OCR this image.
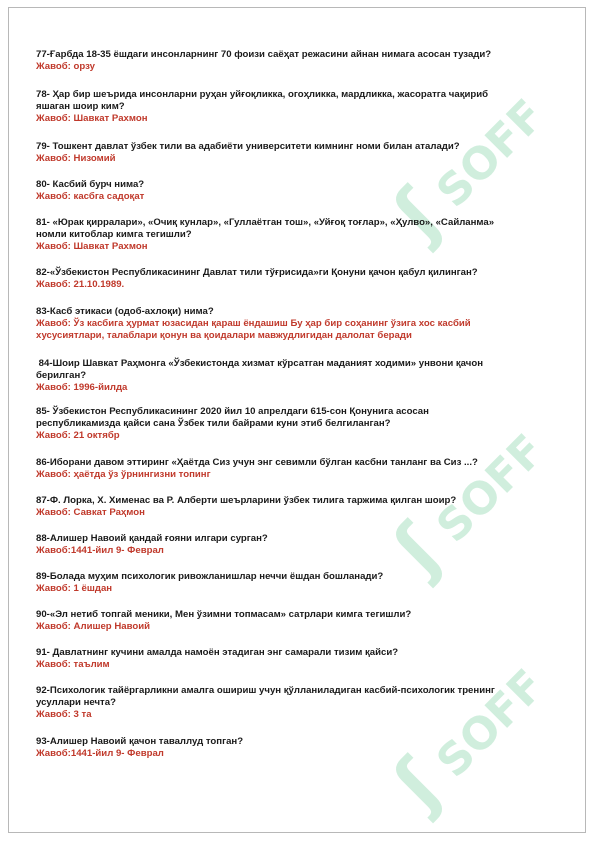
ʃ SOFF
ʃ SOFF
ʃ SOFF

77-Ғарбда 18-35 ёшдаги инсонларнинг 70 фоизи саёҳат режасини айнан нимага асосан тузади?

Жавоб: орзу

78- Ҳар бир шеърида инсонларни руҳан уйғоқликка, огоҳликка, мардликка, жасоратга чақириб
яшаган шоир ким?

Жавоб: Шавкат Рахмон

79- Тошкент давлат ўзбек тили ва адабиёти университети кимнинг номи билан аталади?

Жавоб: Низомий

80- Касбий бурч нима?

Жавоб: касбга садоқат

81- «Юрак қирралари», «Очиқ кунлар», «Гуллаётган тош», «Уйғоқ тоғлар», «Ҳулво», «Сайланма»
номли китоблар кимга тегишли?

Жавоб: Шавкат Рахмон

82-«Ўзбекистон Республикасининг Давлат тили тўғрисида»ги Қонуни қачон қабул қилинган?

Жавоб: 21.10.1989.

83-Касб этикаси (одоб-ахлоқи) нима?

Жавоб: Ўз касбига ҳурмат юзасидан қараш ёндашиш Бу ҳар бир соҳанинг ўзига хос касбий
хусусиятлари, талаблари қонун ва қоидалари мавжудлигидан далолат беради

84-Шоир Шавкат Раҳмонга «Ўзбекистонда хизмат кўрсатган маданият ходими» унвони қачон
берилган?

Жавоб: 1996-йилда

85- Ўзбекистон Республикасининг 2020 йил 10 апрелдаги 615-сон Қонунига асосан
республикамизда қайси сана Ўзбек тили байрами куни этиб белгиланган?

Жавоб: 21 октябр

86-Иборани давом эттиринг «Ҳаётда Сиз учун энг севимли бўлган касбни танланг ва Сиз ...?

Жавоб: ҳаётда ўз ўрнингизни топинг

87-Ф. Лорка, Х. Хименас ва Р. Алберти шеърларини ўзбек тилига таржима қилган шоир?

Жавоб: Савкат Раҳмон

88-Алишер Навоий қандай ғояни илгари сурган?

Жавоб:1441-йил 9- Феврал

89-Болада муҳим психологик ривожланишлар неччи ёшдан бошланади?

Жавоб: 1 ёшдан

90-«Эл нетиб топгай меники, Мен ўзимни топмасам» сатрлари кимга тегишли?

Жавоб: Алишер Навоий

91- Давлатнинг кучини амалда намоён этадиган энг самарали тизим қайси?

Жавоб: таълим

92-Психологик тайёргарликни амалга ошириш учун қўлланиладиган касбий-психологик тренинг
усуллари нечта?

Жавоб: 3 та

93-Алишер Навоий қачон таваллуд топган?

Жавоб:1441-йил 9- Феврал
